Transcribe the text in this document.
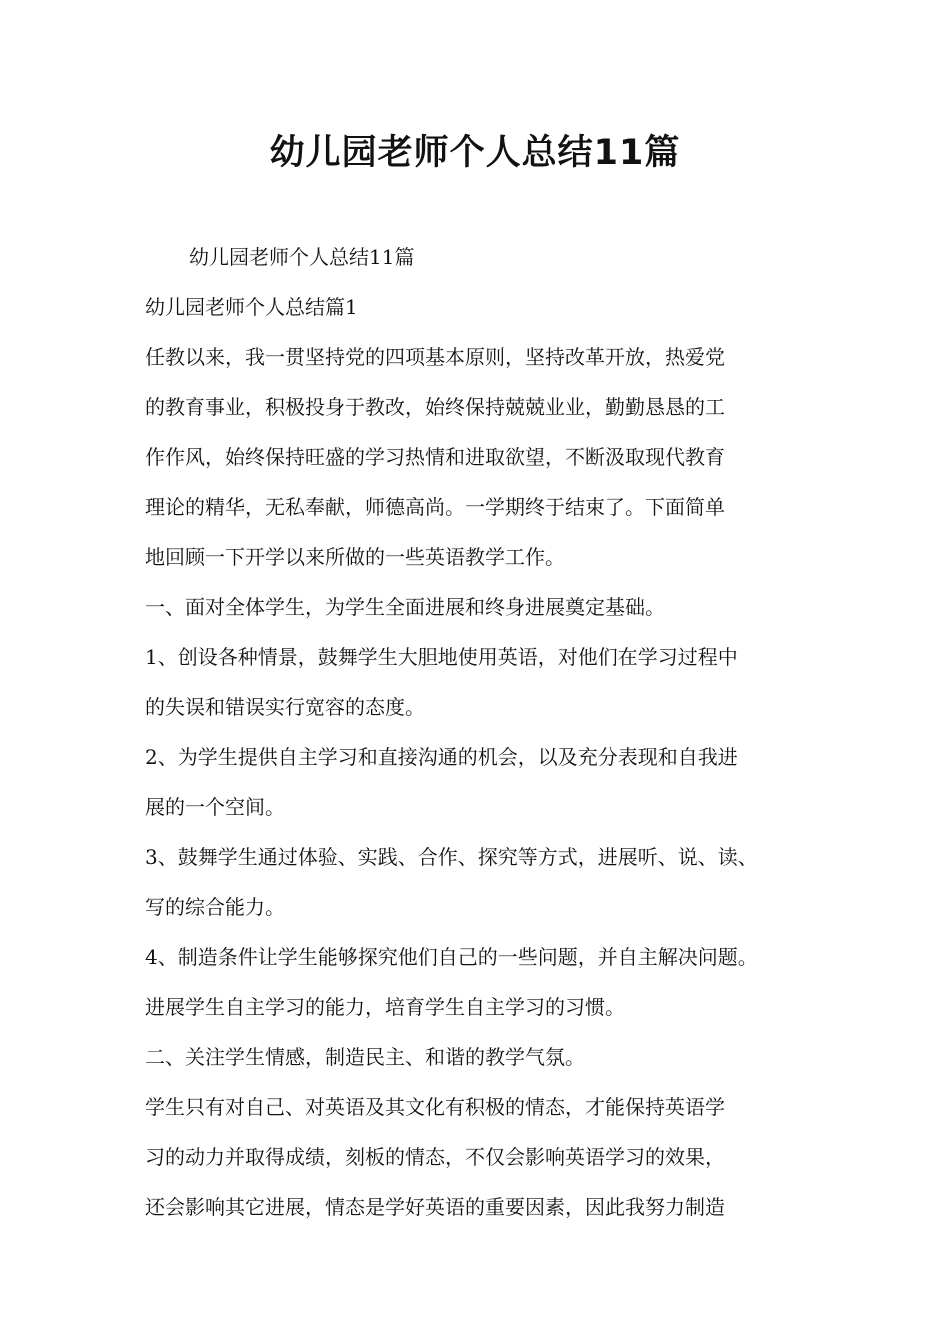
幼儿园老师个人总结11篇

幼儿园老师个人总结11篇

幼儿园老师个人总结篇1

任教以来，我一贯坚持党的四项基本原则，坚持改革开放，热爱党

的教育事业，积极投身于教改，始终保持兢兢业业，勤勤恳恳的工

作作风，始终保持旺盛的学习热情和进取欲望，不断汲取现代教育

理论的精华，无私奉献，师德高尚。一学期终于结束了。下面简单

地回顾一下开学以来所做的一些英语教学工作。

一、面对全体学生，为学生全面进展和终身进展奠定基础。

1、创设各种情景，鼓舞学生大胆地使用英语，对他们在学习过程中

的失误和错误实行宽容的态度。

2、为学生提供自主学习和直接沟通的机会，以及充分表现和自我进

展的一个空间。

3、鼓舞学生通过体验、实践、合作、探究等方式，进展听、说、读、

写的综合能力。

4、制造条件让学生能够探究他们自己的一些问题，并自主解决问题。

进展学生自主学习的能力，培育学生自主学习的习惯。

二、关注学生情感，制造民主、和谐的教学气氛。

学生只有对自己、对英语及其文化有积极的情态，才能保持英语学

习的动力并取得成绩，刻板的情态，不仅会影响英语学习的效果，

还会影响其它进展，情态是学好英语的重要因素，因此我努力制造
